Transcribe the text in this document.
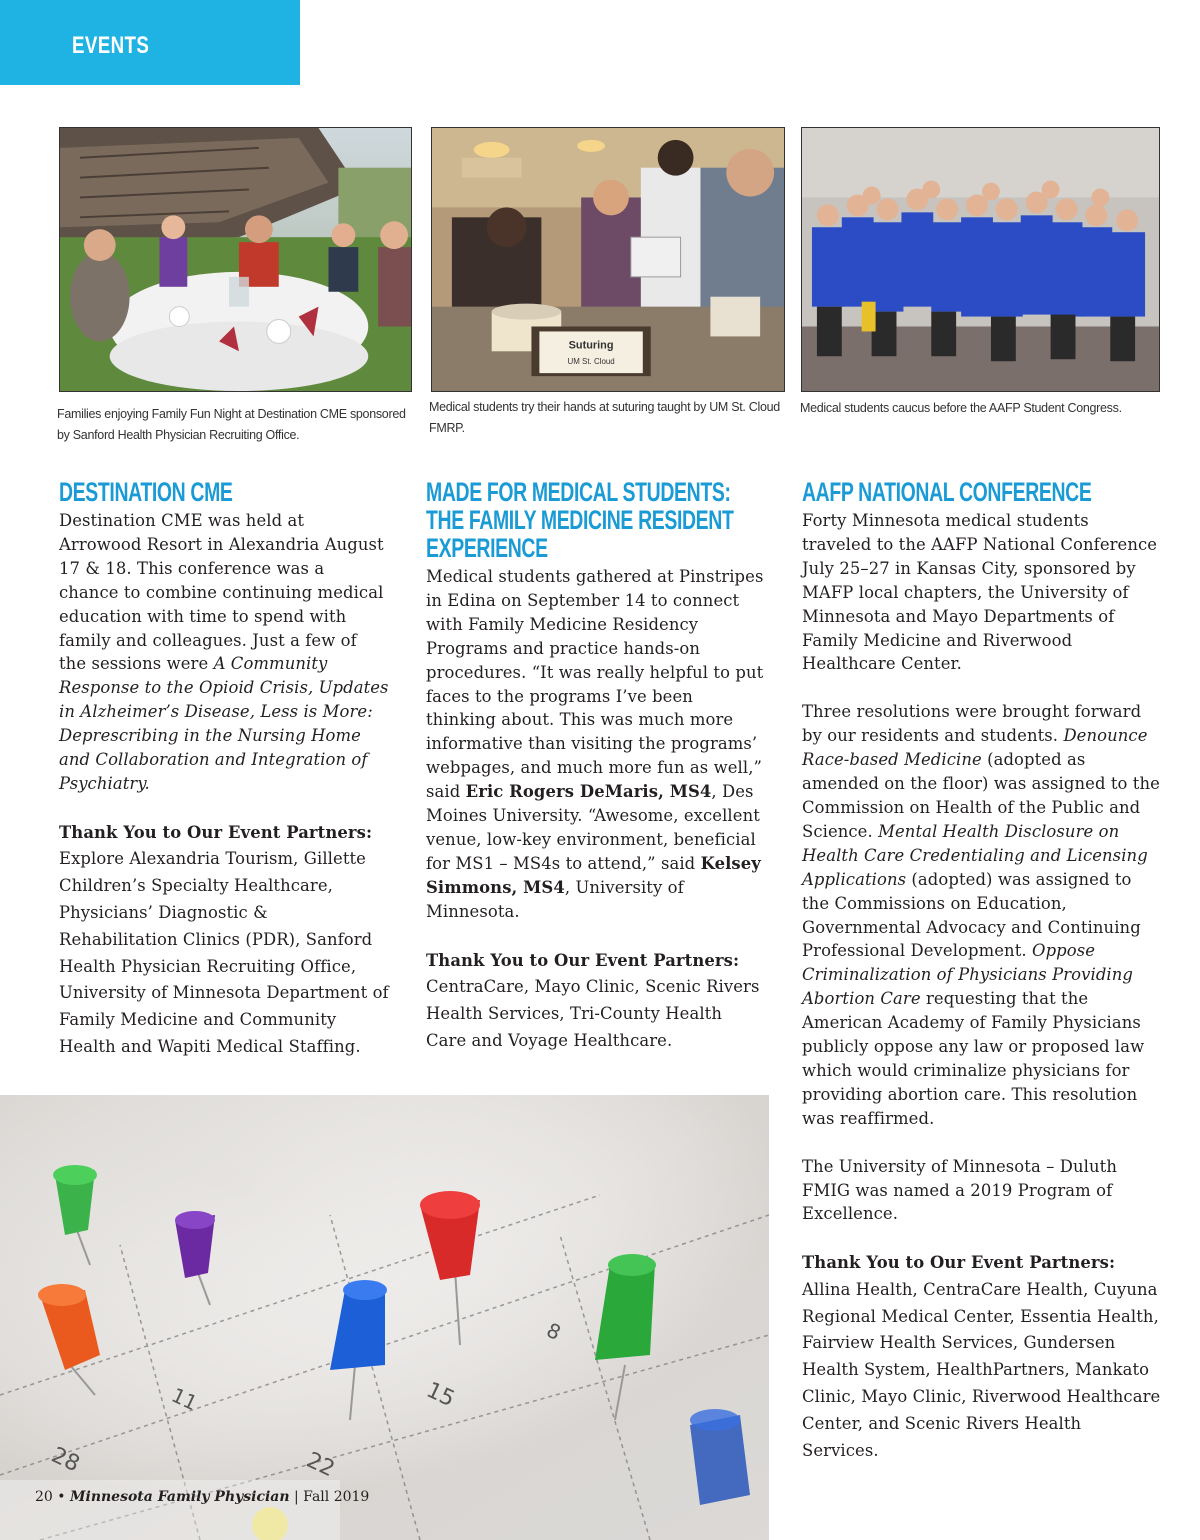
EVENTS
Families enjoying Family Fun Night at Destination CME sponsored by Sanford Health Physician Recruiting Office.
Suturing
UM St. Cloud
Medical students try their hands at suturing taught by UM St. Cloud FMRP.
Medical students caucus before the AAFP Student Congress.
DESTINATION CME

Destination CME was held at Arrowood Resort in Alexandria August 17 & 18. This conference was a chance to combine continuing medical education with time to spend with family and colleagues. Just a few of the sessions were A Community Response to the Opioid Crisis, Updates in Alzheimer’s Disease, Less is More: Deprescribing in the Nursing Home and Collaboration and Integration of Psychiatry.

Thank You to Our Event Partners:
Explore Alexandria Tourism, Gillette Children’s Specialty Healthcare, Physicians’ Diagnostic & Rehabilitation Clinics (PDR), Sanford Health Physician Recruiting Office, University of Minnesota Department of Family Medicine and Community Health and Wapiti Medical Staffing.
MADE FOR MEDICAL STUDENTS:
THE FAMILY MEDICINE RESIDENT
EXPERIENCE

Medical students gathered at Pinstripes in Edina on September 14 to connect with Family Medicine Residency Programs and practice hands-on procedures. “It was really helpful to put faces to the programs I’ve been thinking about. This was much more informative than visiting the programs’ webpages, and much more fun as well,” said Eric Rogers DeMaris, MS4, Des Moines University. “Awesome, excellent venue, low-key environment, beneficial for MS1 – MS4s to attend,” said Kelsey Simmons, MS4, University of Minnesota.

Thank You to Our Event Partners:
CentraCare, Mayo Clinic, Scenic Rivers Health Services, Tri-County Health Care and Voyage Healthcare.
AAFP NATIONAL CONFERENCE

Forty Minnesota medical students traveled to the AAFP National Conference July 25–27 in Kansas City, sponsored by MAFP local chapters, the University of Minnesota and Mayo Departments of Family Medicine and Riverwood Healthcare Center.

Three resolutions were brought forward by our residents and students. Denounce Race-based Medicine (adopted as amended on the floor) was assigned to the Commission on Health of the Public and Science. Mental Health Disclosure on Health Care Credentialing and Licensing Applications (adopted) was assigned to the Commissions on Education, Governmental Advocacy and Continuing Professional Development. Oppose Criminalization of Physicians Providing Abortion Care requesting that the American Academy of Family Physicians publicly oppose any law or proposed law which would criminalize physicians for providing abortion care. This resolution was reaffirmed.

The University of Minnesota – Duluth FMIG was named a 2019 Program of Excellence.

Thank You to Our Event Partners:
Allina Health, CentraCare Health, Cuyuna Regional Medical Center, Essentia Health, Fairview Health Services, Gundersen Health System, HealthPartners, Mankato Clinic, Mayo Clinic, Riverwood Healthcare Center, and Scenic Rivers Health Services.
8
15
11
22
28
20 • Minnesota Family Physician | Fall 2019
